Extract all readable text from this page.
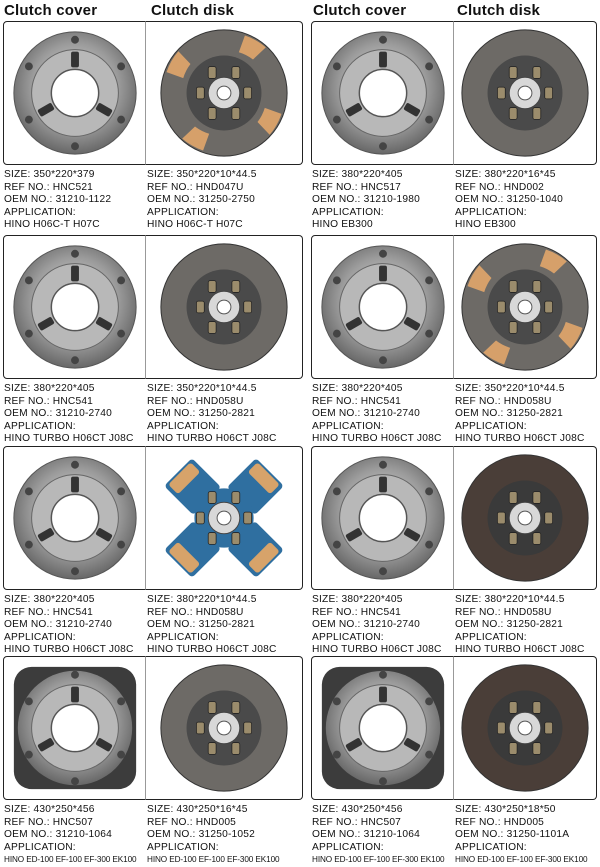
Clutch cover	Clutch disk	Clutch cover	Clutch disk
SIZE: 350*220*379
REF NO.: HNC521
OEM NO.: 31210-1122
APPLICATION:
HINO H06C-T H07C
SIZE: 350*220*10*44.5
REF NO.: HND047U
OEM NO.: 31250-2750
APPLICATION:
HINO H06C-T H07C
SIZE: 380*220*405
REF NO.: HNC517
OEM NO.: 31210-1980
APPLICATION:
HINO EB300
SIZE: 380*220*16*45
REF NO.: HND002
OEM NO.: 31250-1040
APPLICATION:
HINO EB300
SIZE: 380*220*405
REF NO.: HNC541
OEM NO.: 31210-2740
APPLICATION:
HINO TURBO H06CT J08C
SIZE: 350*220*10*44.5
REF NO.: HND058U
OEM NO.: 31250-2821
APPLICATION:
HINO TURBO H06CT J08C
SIZE: 380*220*405
REF NO.: HNC541
OEM NO.: 31210-2740
APPLICATION:
HINO TURBO H06CT J08C
SIZE: 350*220*10*44.5
REF NO.: HND058U
OEM NO.: 31250-2821
APPLICATION:
HINO TURBO H06CT J08C
SIZE: 380*220*405
REF NO.: HNC541
OEM NO.: 31210-2740
APPLICATION:
HINO TURBO H06CT J08C
SIZE: 380*220*10*44.5
REF NO.: HND058U
OEM NO.: 31250-2821
APPLICATION:
HINO TURBO H06CT J08C
SIZE: 380*220*405
REF NO.: HNC541
OEM NO.: 31210-2740
APPLICATION:
HINO TURBO H06CT J08C
SIZE: 380*220*10*44.5
REF NO.: HND058U
OEM NO.: 31250-2821
APPLICATION:
HINO TURBO H06CT J08C
SIZE: 430*250*456
REF NO.: HNC507
OEM NO.: 31210-1064
APPLICATION:
HINO ED-100 EF-100 EF-300 EK100
SIZE: 430*250*16*45
REF NO.: HND005
OEM NO.: 31250-1052
APPLICATION:
HINO ED-100 EF-100 EF-300 EK100
SIZE: 430*250*456
REF NO.: HNC507
OEM NO.: 31210-1064
APPLICATION:
HINO ED-100 EF-100 EF-300 EK100
SIZE: 430*250*18*50
REF NO.: HND005
OEM NO.: 31250-1101A
APPLICATION:
HINO ED-100 EF-100 EF-300 EK100
